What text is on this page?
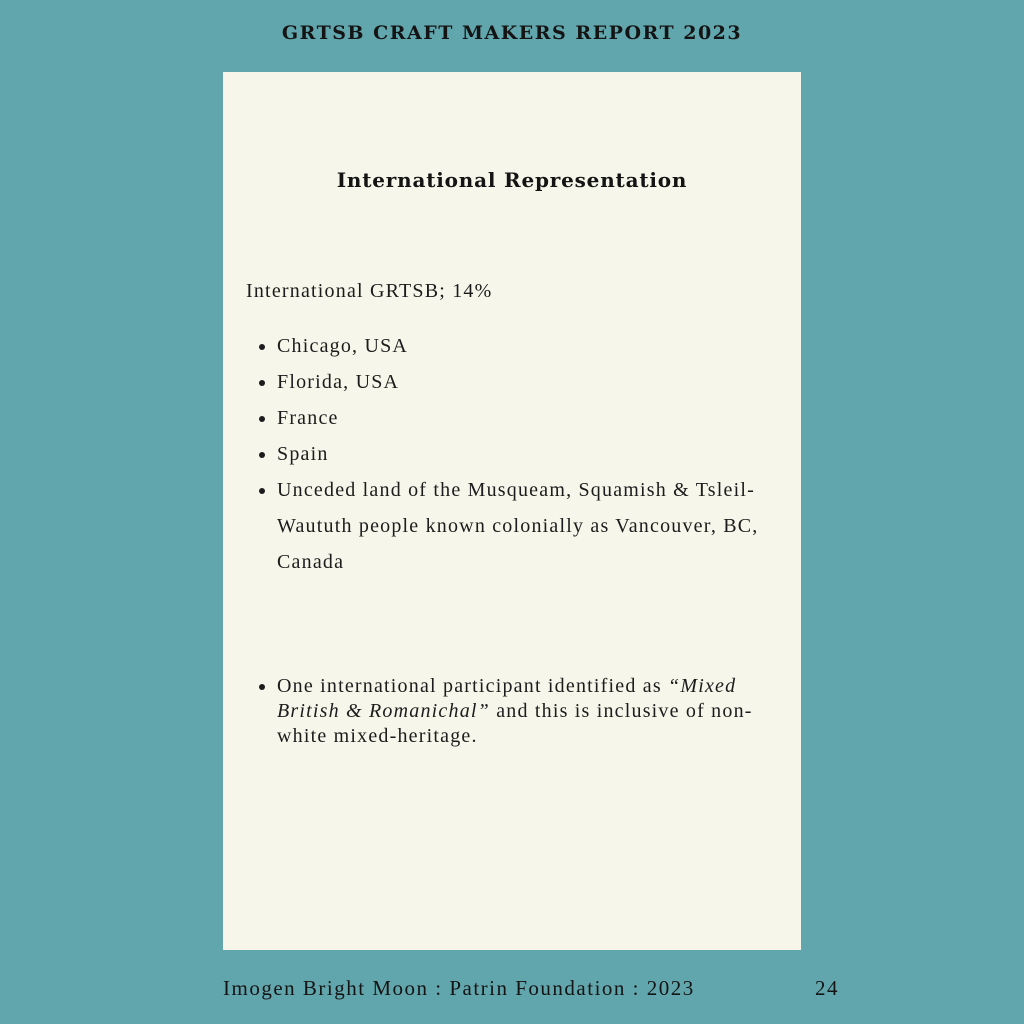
GRTSB CRAFT MAKERS REPORT 2023
International Representation
International GRTSB; 14%
• Chicago, USA
• Florida, USA
• France
• Spain
• Unceded land of the Musqueam, Squamish & Tsleil-Waututh people known colonially as Vancouver, BC, Canada
• One international participant identified as “Mixed British & Romanichal” and this is inclusive of non-white mixed-heritage.
Imogen Bright Moon : Patrin Foundation : 2023	24
